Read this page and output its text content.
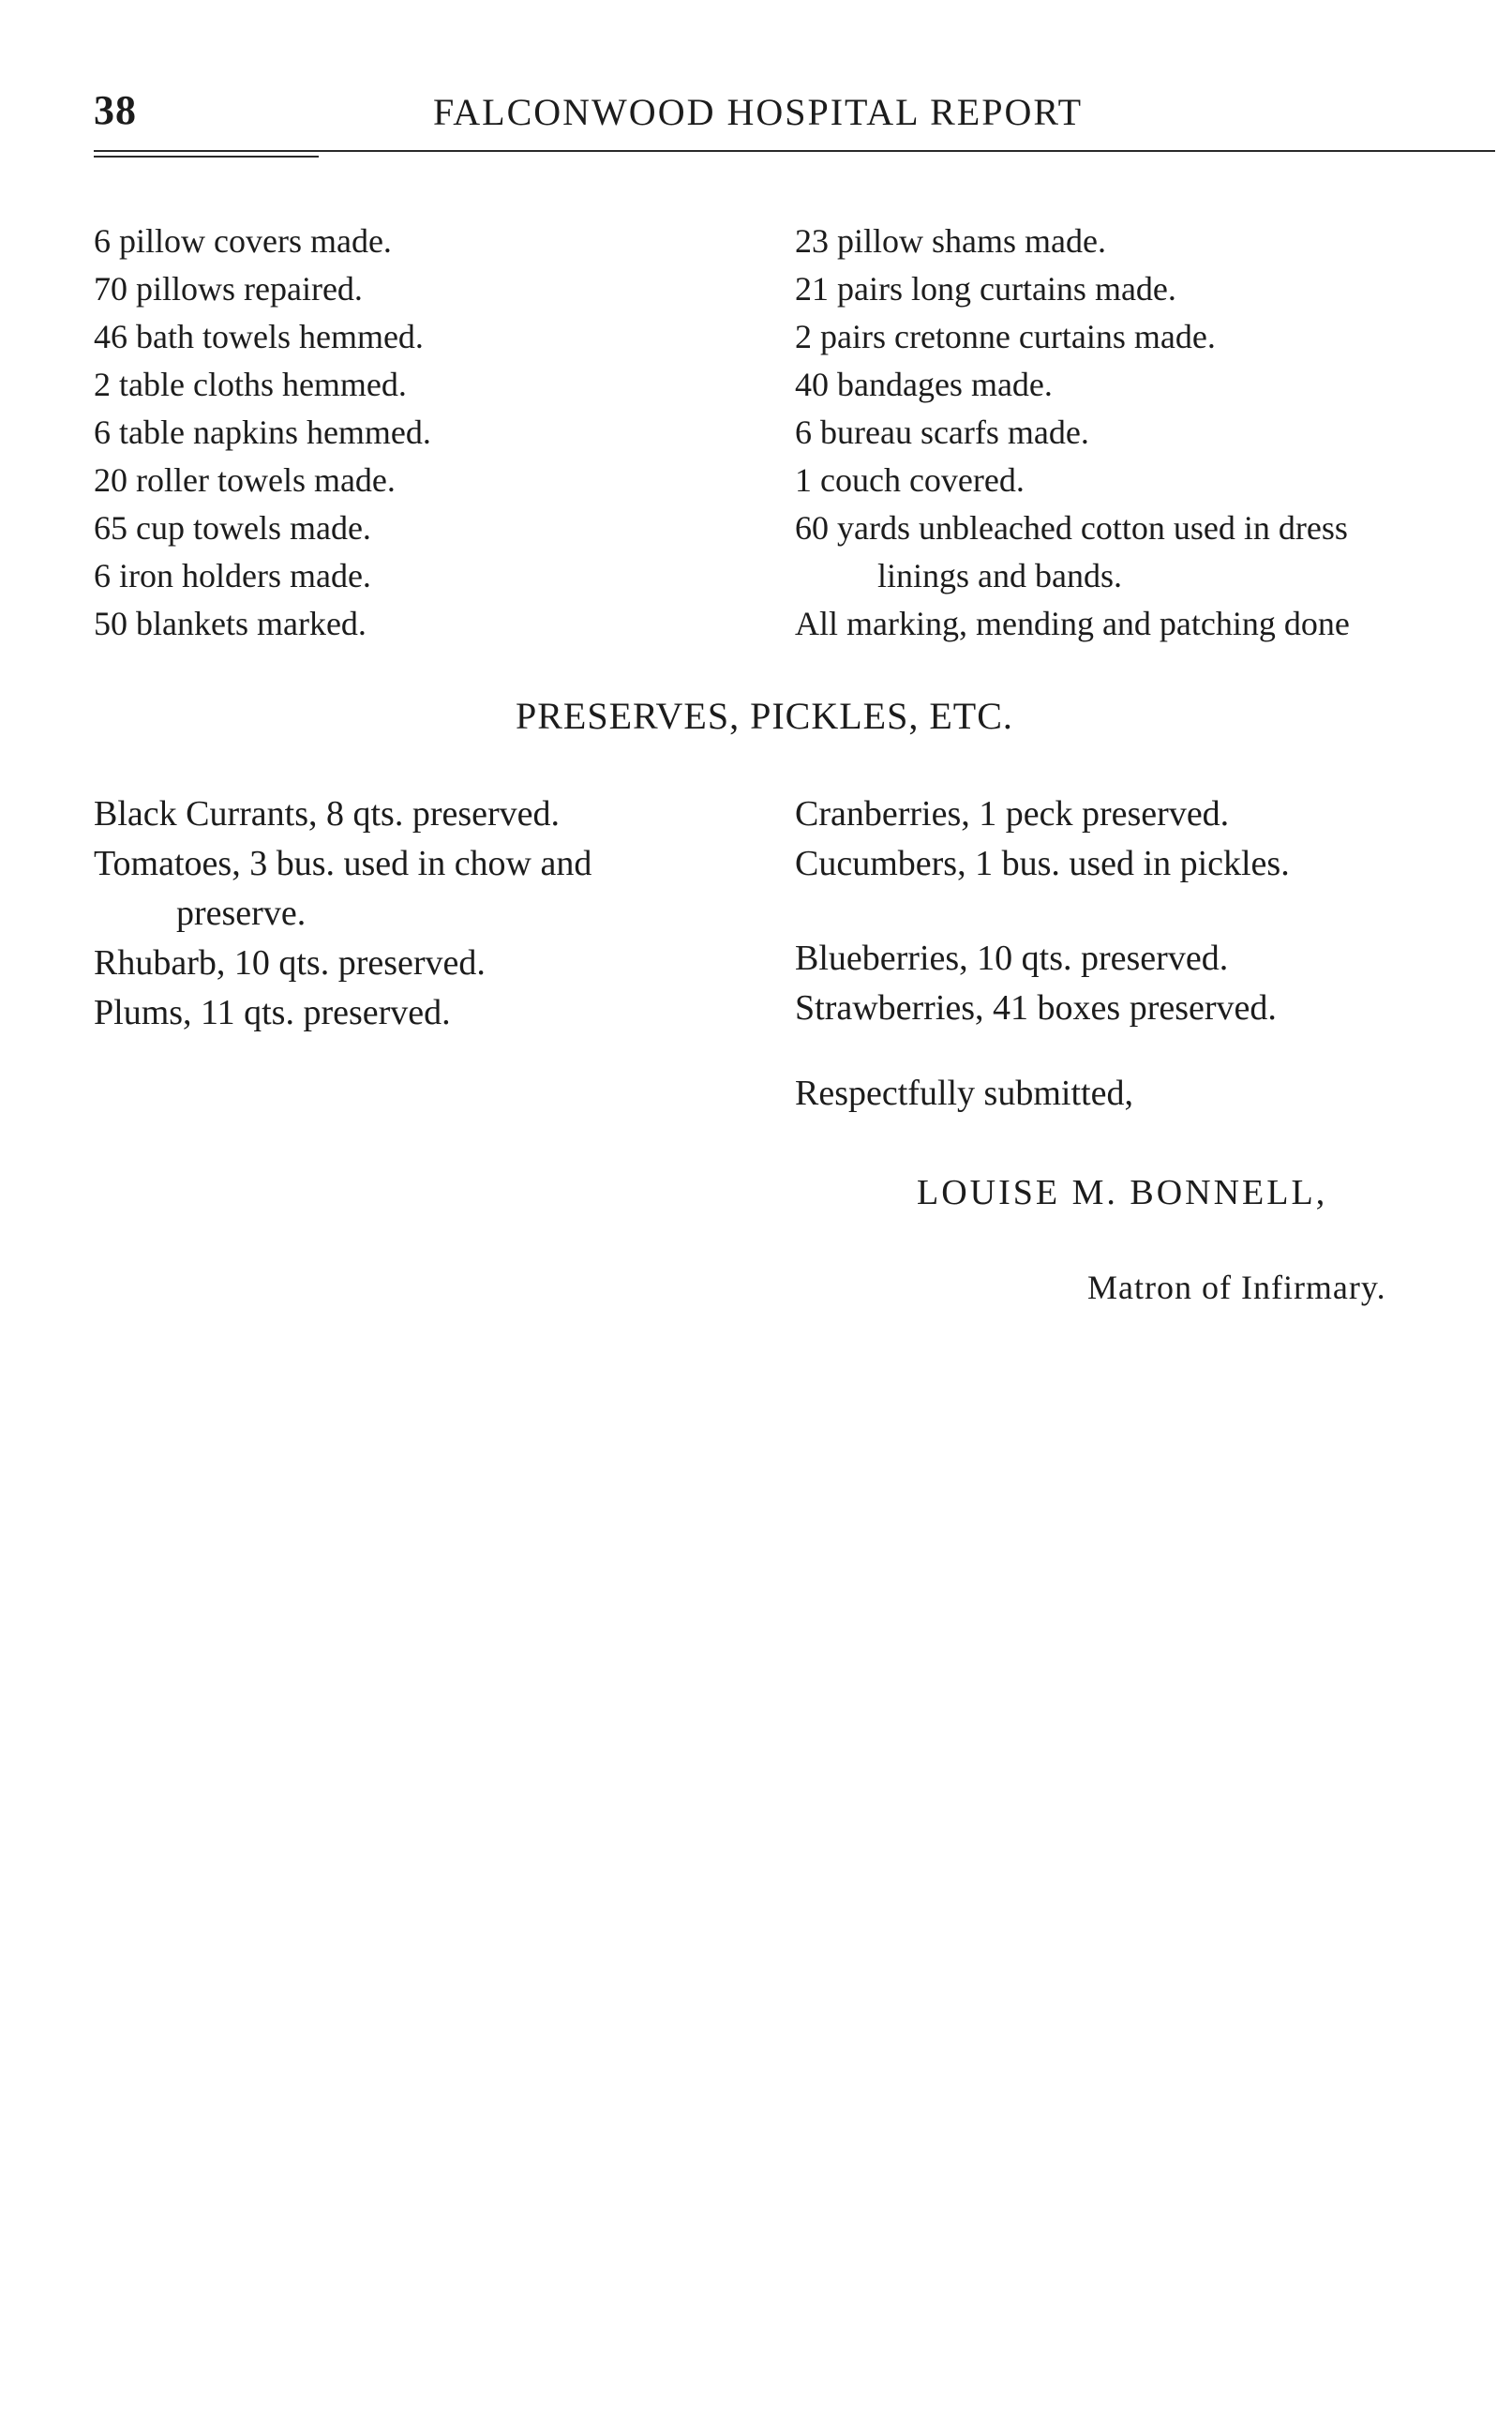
38	FALCONWOOD HOSPITAL REPORT
6 pillow covers made.
70 pillows repaired.
46 bath towels hemmed.
2 table cloths hemmed.
6 table napkins hemmed.
20 roller towels made.
65 cup towels made.
6 iron holders made.
50 blankets marked.
23 pillow shams made.
21 pairs long curtains made.
2 pairs cretonne curtains made.
40 bandages made.
6 bureau scarfs made.
1 couch covered.
60 yards unbleached cotton used in dress
linings and bands.
All marking, mending and patching done
PRESERVES, PICKLES, ETC.
Black Currants, 8 qts. preserved.
Tomatoes, 3 bus. used in chow and
preserve.
Rhubarb, 10 qts. preserved.
Plums, 11 qts. preserved.
Cranberries, 1 peck preserved.
Cucumbers, 1 bus. used in pickles.
Blueberries, 10 qts. preserved.
Strawberries, 41 boxes preserved.
Respectfully submitted,
LOUISE M. BONNELL,
Matron of Infirmary.
